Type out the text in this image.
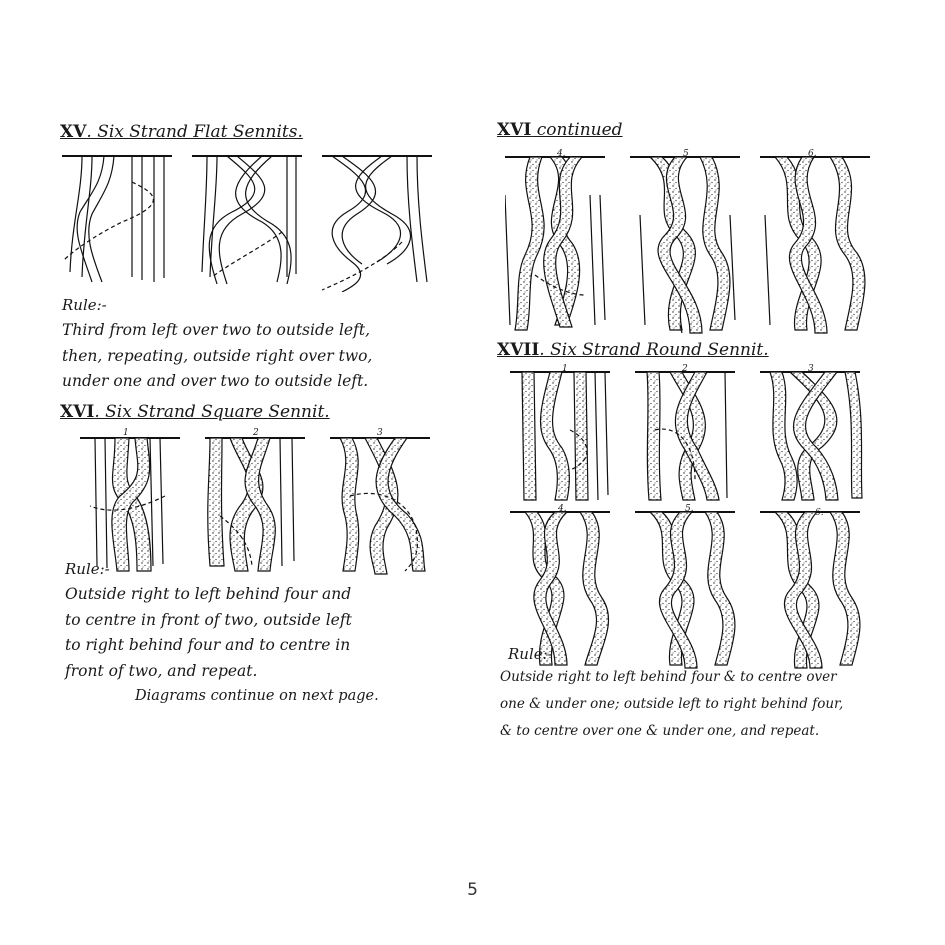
XV. Six Strand Flat Sennits.
Rule:-
Third from left over two to outside left,
then, repeating, outside right over two,
under one and over two to outside left.
XVI. Six Strand Square Sennit.
1	2	3
Rule:-
Outside right to left behind four and
to centre in front of two, outside left
to right behind four and to centre in
front of two, and repeat.
Diagrams continue on next page.
XVI continued
4.	5	6.
XVII. Six Strand Round Sennit.
1	2	3
4.	5.	6.
Rule:-
Outside right to left behind four & to centre over
one & under one; outside left to right behind four,
& to centre over one & under one, and repeat.
5
